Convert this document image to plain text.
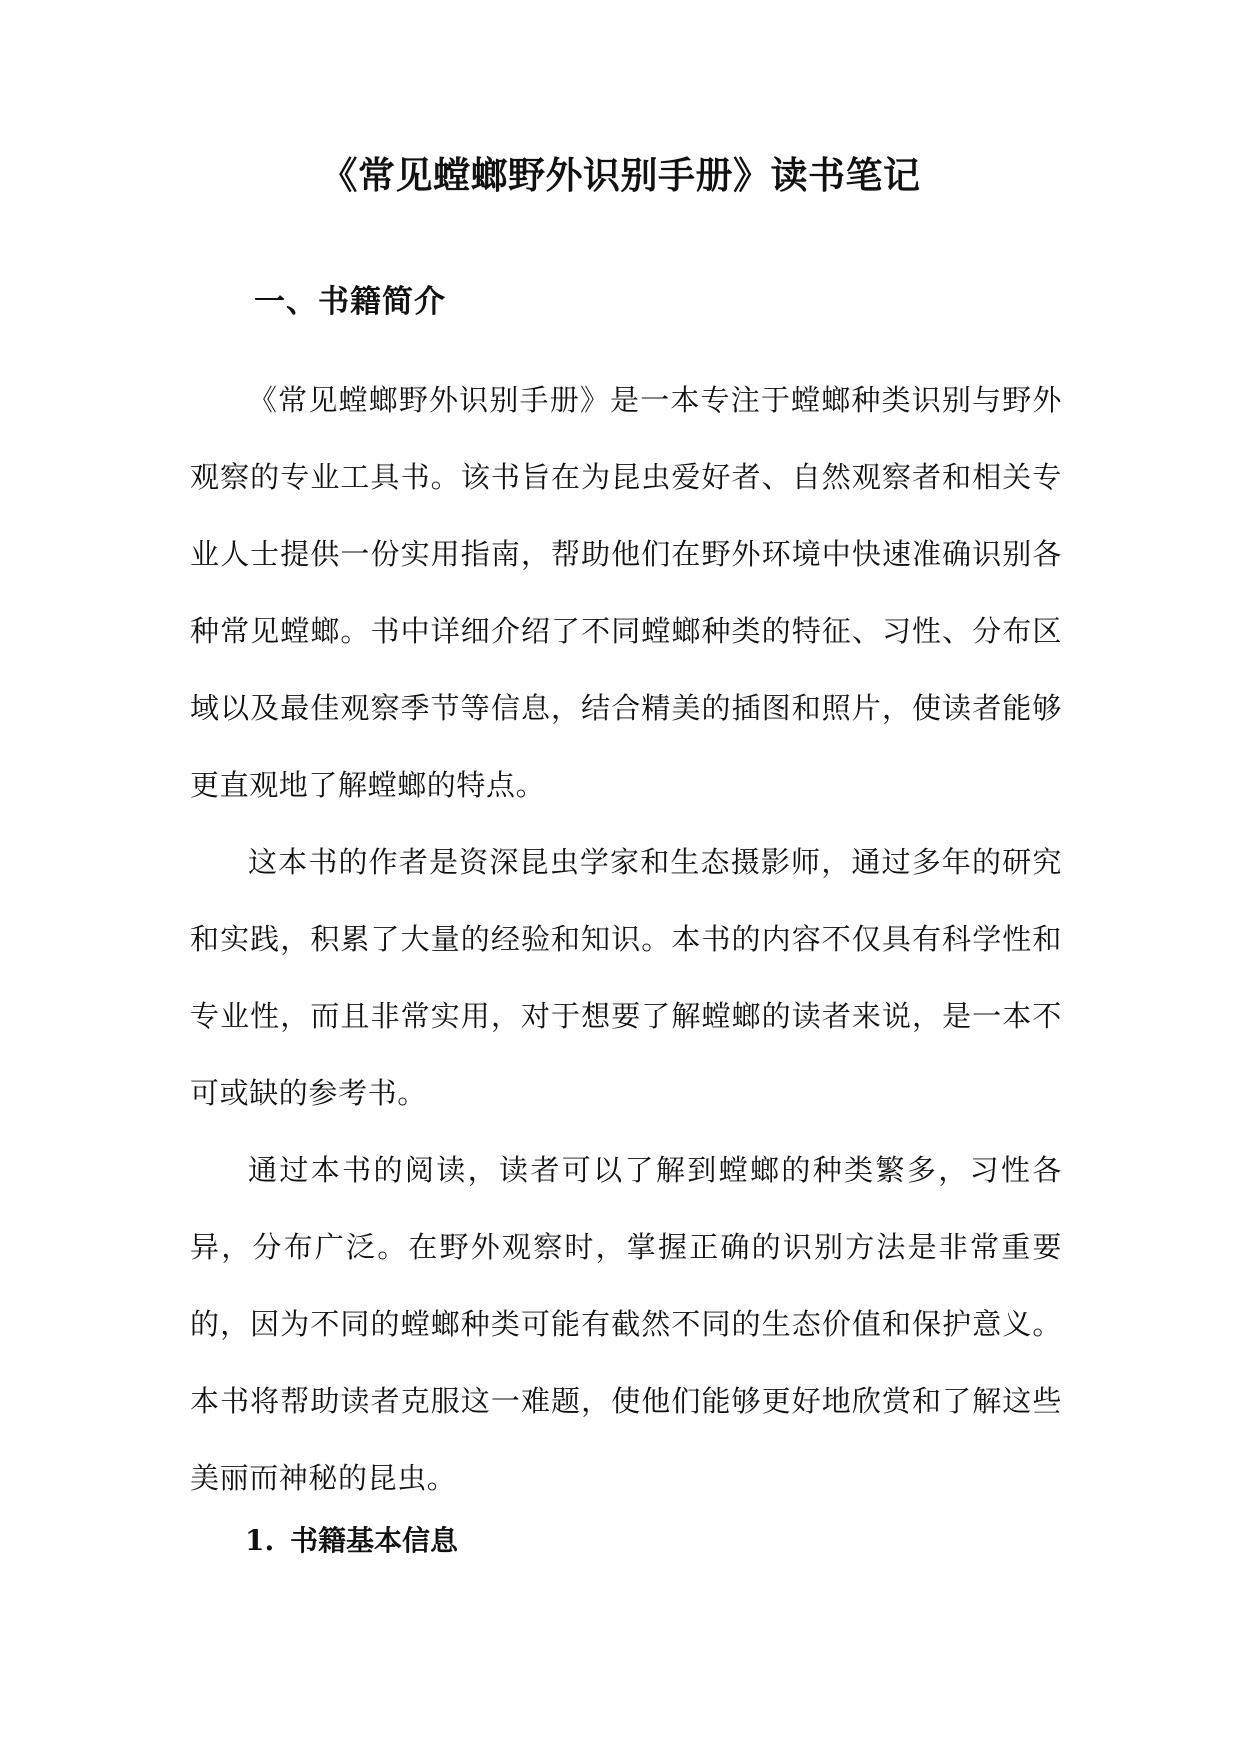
《常见螳螂野外识别手册》读书笔记
一、书籍简介

《常见螳螂野外识别手册》是一本专注于螳螂种类识别与野外观察的专业工具书。该书旨在为昆虫爱好者、自然观察者和相关专业人士提供一份实用指南，帮助他们在野外环境中快速准确识别各种常见螳螂。书中详细介绍了不同螳螂种类的特征、习性、分布区域以及最佳观察季节等信息，结合精美的插图和照片，使读者能够更直观地了解螳螂的特点。

这本书的作者是资深昆虫学家和生态摄影师，通过多年的研究和实践，积累了大量的经验和知识。本书的内容不仅具有科学性和专业性，而且非常实用，对于想要了解螳螂的读者来说，是一本不可或缺的参考书。

通过本书的阅读，读者可以了解到螳螂的种类繁多，习性各异，分布广泛。在野外观察时，掌握正确的识别方法是非常重要的，因为不同的螳螂种类可能有截然不同的生态价值和保护意义。本书将帮助读者克服这一难题，使他们能够更好地欣赏和了解这些美丽而神秘的昆虫。

1. 书籍基本信息
